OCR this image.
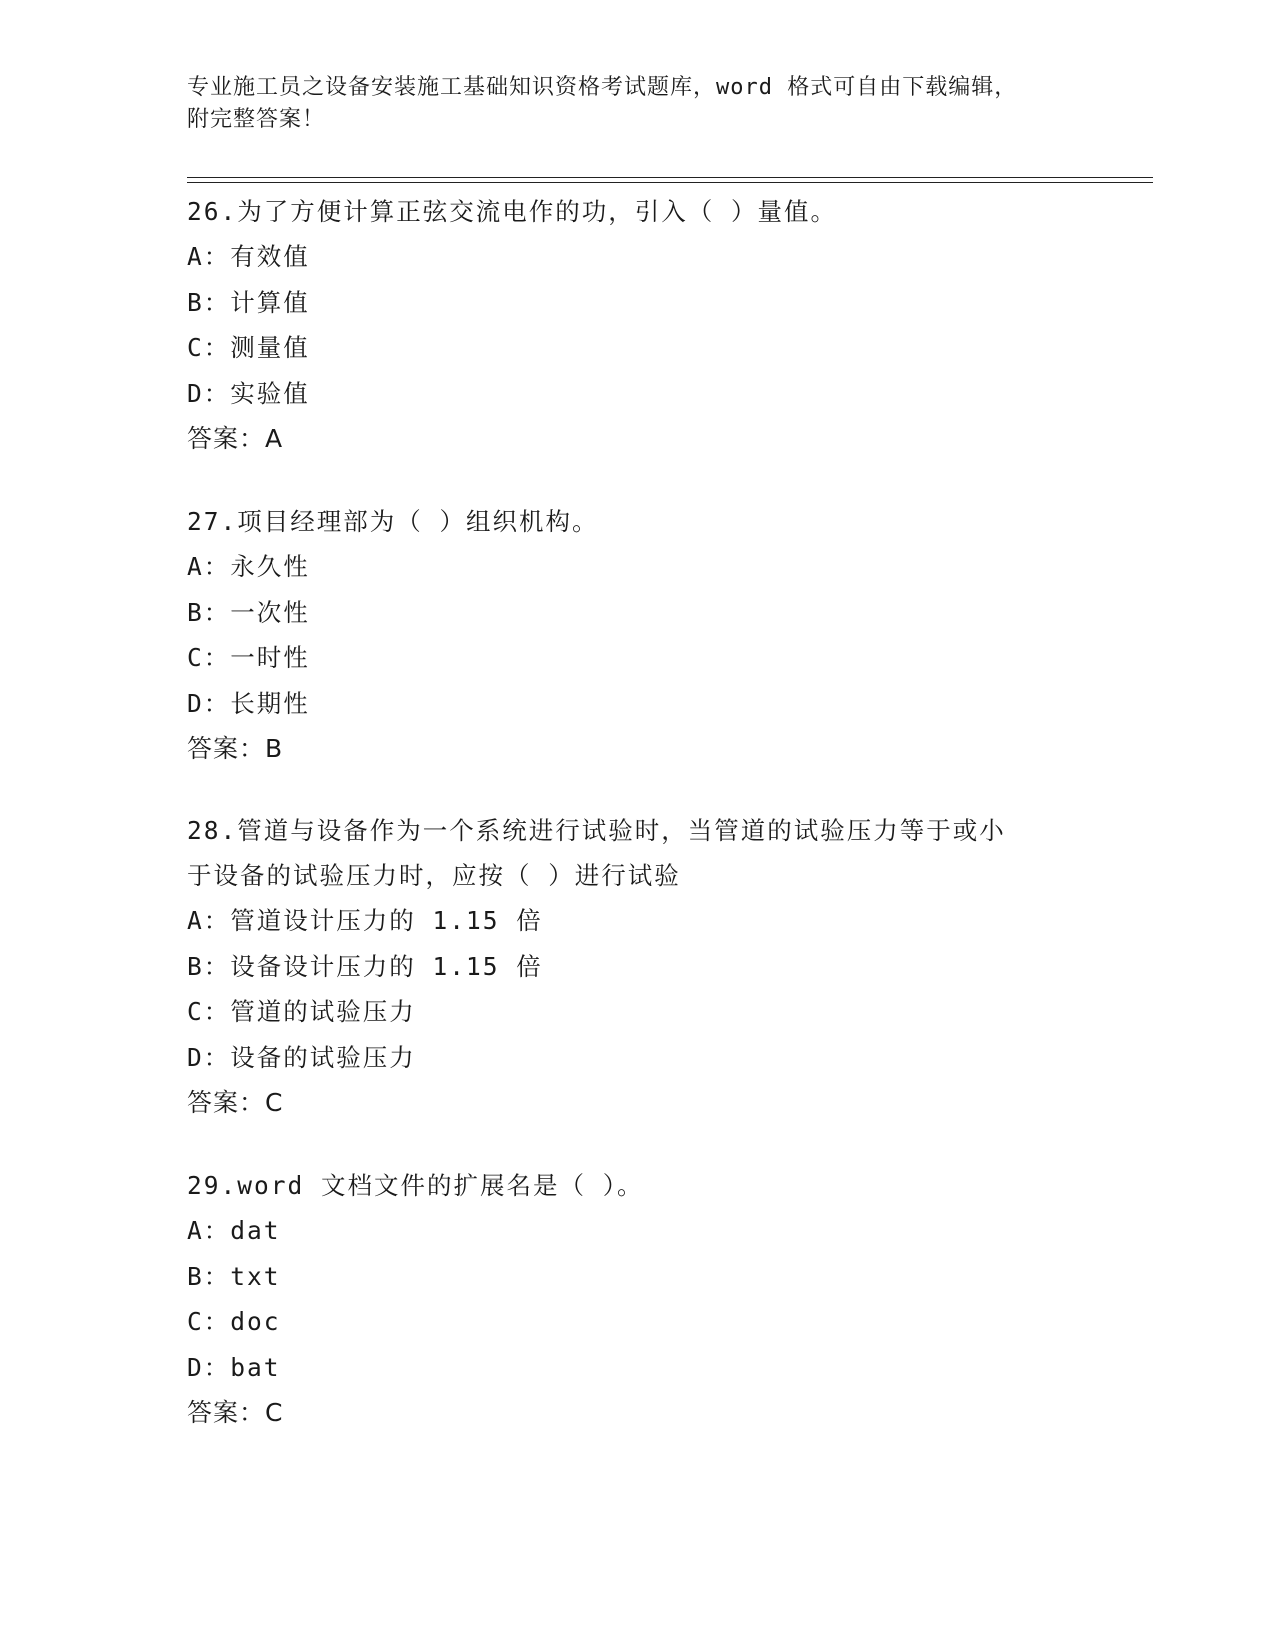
专业施工员之设备安装施工基础知识资格考试题库，word 格式可自由下载编辑，
附完整答案！
26.为了方便计算正弦交流电作的功，引入（ ）量值。
A：有效值
B：计算值
C：测量值
D：实验值
答案：A
27.项目经理部为（ ）组织机构。
A：永久性
B：一次性
C：一时性
D：长期性
答案：B
28.管道与设备作为一个系统进行试验时，当管道的试验压力等于或小
于设备的试验压力时，应按（ ）进行试验
A：管道设计压力的 1.15 倍
B：设备设计压力的 1.15 倍
C：管道的试验压力
D：设备的试验压力
答案：C
29.word 文档文件的扩展名是（ ）。
A：dat
B：txt
C：doc
D：bat
答案：C
